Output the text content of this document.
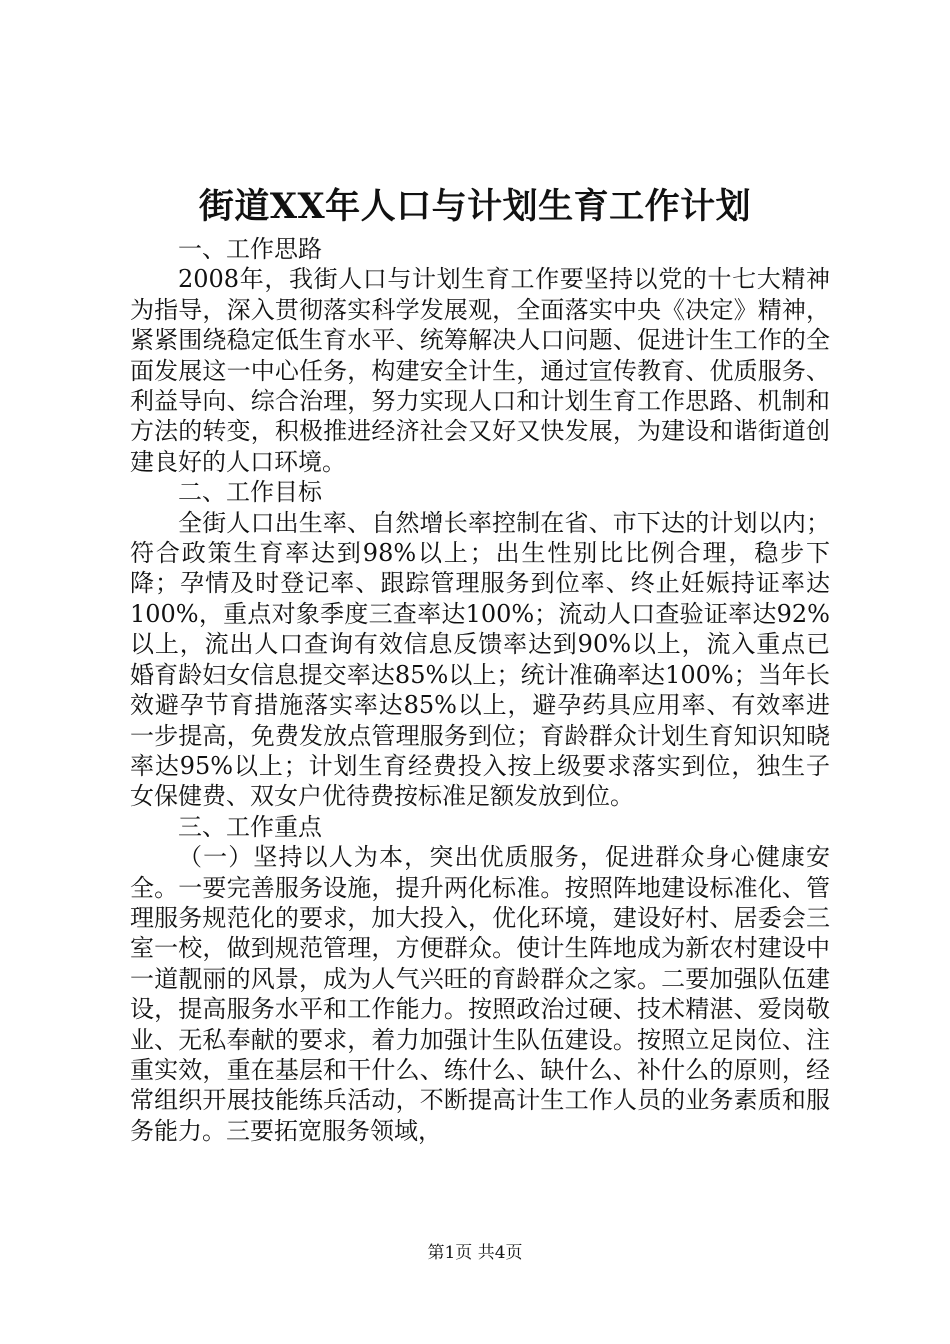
街道XX年人口与计划生育工作计划
一、工作思路
2008年，我街人口与计划生育工作要坚持以党的十七大精神为指导，深入贯彻落实科学发展观，全面落实中央《决定》精神，紧紧围绕稳定低生育水平、统筹解决人口问题、促进计生工作的全面发展这一中心任务，构建安全计生，通过宣传教育、优质服务、利益导向、综合治理，努力实现人口和计划生育工作思路、机制和方法的转变，积极推进经济社会又好又快发展，为建设和谐街道创建良好的人口环境。
二、工作目标
全街人口出生率、自然增长率控制在省、市下达的计划以内；符合政策生育率达到98%以上；出生性别比比例合理，稳步下降；孕情及时登记率、跟踪管理服务到位率、终止妊娠持证率达100%，重点对象季度三查率达100%；流动人口查验证率达92%以上，流出人口查询有效信息反馈率达到90%以上，流入重点已婚育龄妇女信息提交率达85%以上；统计准确率达100%；当年长效避孕节育措施落实率达85%以上，避孕药具应用率、有效率进一步提高，免费发放点管理服务到位；育龄群众计划生育知识知晓率达95%以上；计划生育经费投入按上级要求落实到位，独生子女保健费、双女户优待费按标准足额发放到位。
三、工作重点
（一）坚持以人为本，突出优质服务，促进群众身心健康安全。一要完善服务设施，提升两化标准。按照阵地建设标准化、管理服务规范化的要求，加大投入，优化环境，建设好村、居委会三室一校，做到规范管理，方便群众。使计生阵地成为新农村建设中一道靓丽的风景，成为人气兴旺的育龄群众之家。二要加强队伍建设，提高服务水平和工作能力。按照政治过硬、技术精湛、爱岗敬业、无私奉献的要求，着力加强计生队伍建设。按照立足岗位、注重实效，重在基层和干什么、练什么、缺什么、补什么的原则，经常组织开展技能练兵活动，不断提高计生工作人员的业务素质和服务能力。三要拓宽服务领域，
第1页 共4页
